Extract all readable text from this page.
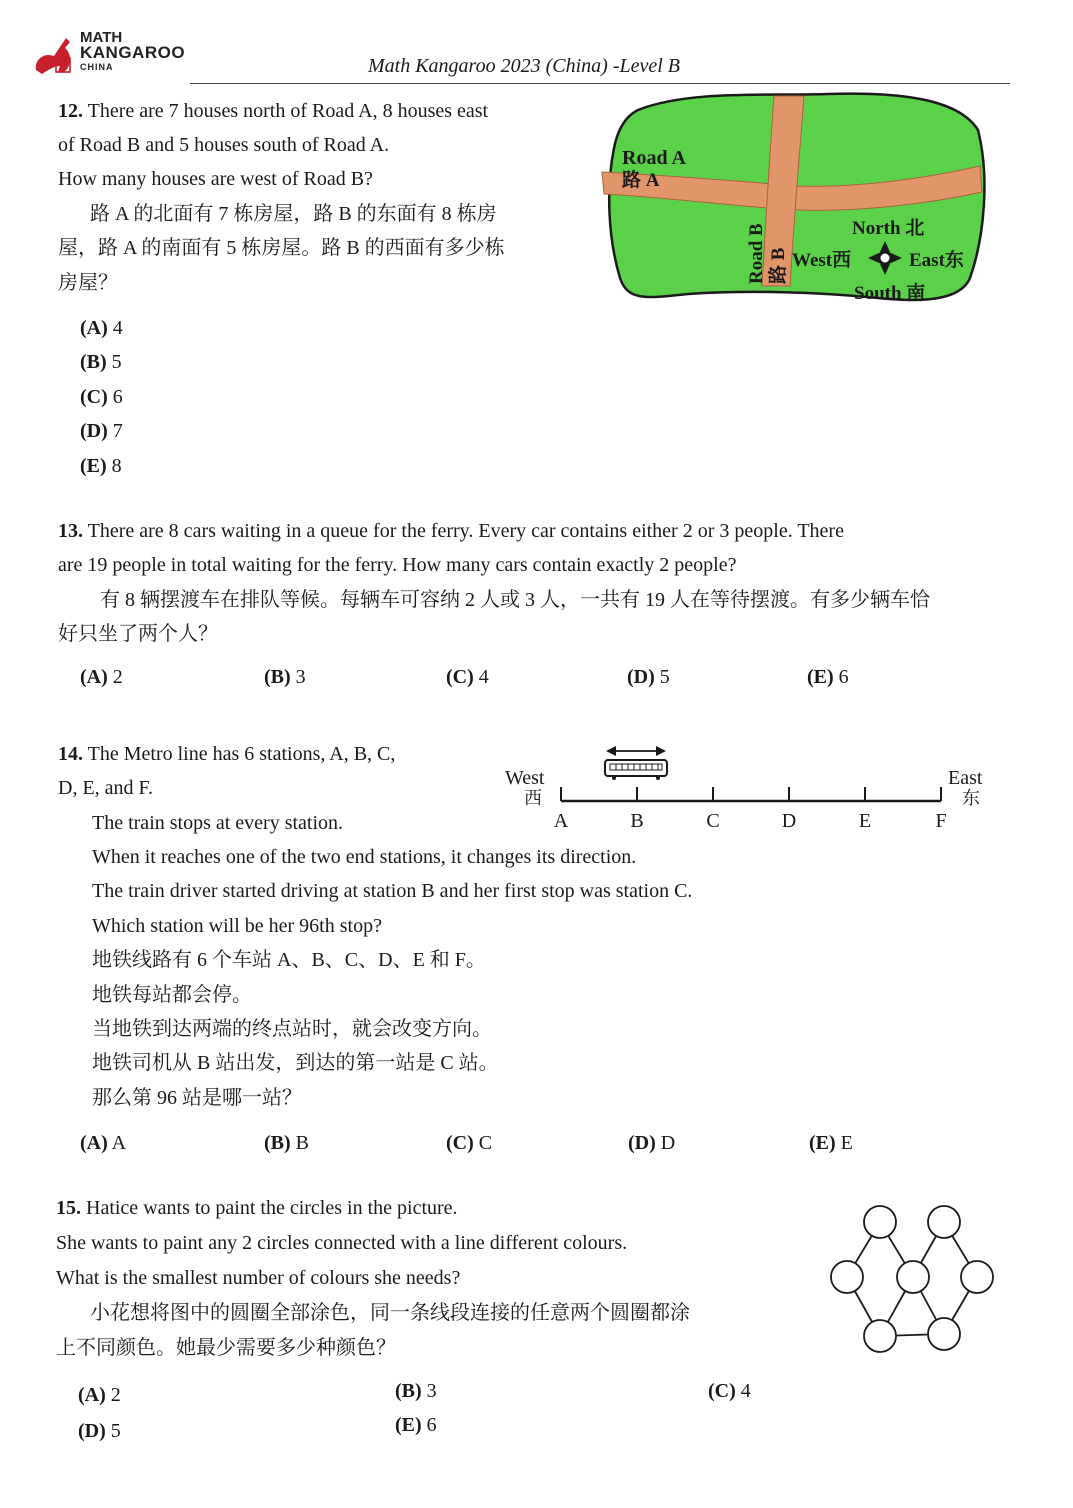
MATH
KANGAROO
CHINA	Math Kangaroo 2023 (China) -Level B
12. There are 7 houses north of Road A, 8 houses east
of Road B and 5 houses south of Road A.
How many houses are west of Road B?
路 A 的北面有 7 栋房屋，路 B 的东面有 8 栋房
屋，路 A 的南面有 5 栋房屋。路 B 的西面有多少栋
房屋？
(A) 4
(B) 5
(C) 6
(D) 7
(E) 8
Road A
路 A
Road B 路 B
North 北
West西	East东
South 南
13. There are 8 cars waiting in a queue for the ferry. Every car contains either 2 or 3 people. There
are 19 people in total waiting for the ferry. How many cars contain exactly 2 people?
有 8 辆摆渡车在排队等候。每辆车可容纳 2 人或 3 人，一共有 19 人在等待摆渡。有多少辆车恰
好只坐了两个人？
(A) 2	(B) 3	(C) 4	(D) 5	(E) 6
14. The Metro line has 6 stations, A, B, C,
D, E, and F.
The train stops at every station.
When it reaches one of the two end stations, it changes its direction.
The train driver started driving at station B and her first stop was station C.
Which station will be her 96th stop?
地铁线路有 6 个车站 A、B、C、D、E 和 F。
地铁每站都会停。
当地铁到达两端的终点站时，就会改变方向。
地铁司机从 B 站出发，到达的第一站是 C 站。
那么第 96 站是哪一站？
West
西
East
东
A	B	C	D	E	F
(A) A	(B) B	(C) C	(D) D	(E) E
15. Hatice wants to paint the circles in the picture.
She wants to paint any 2 circles connected with a line different colours.
What is the smallest number of colours she needs?
小花想将图中的圆圈全部涂色，同一条线段连接的任意两个圆圈都涂
上不同颜色。她最少需要多少种颜色？
(A) 2	(B) 3	(C) 4
(D) 5	(E) 6
